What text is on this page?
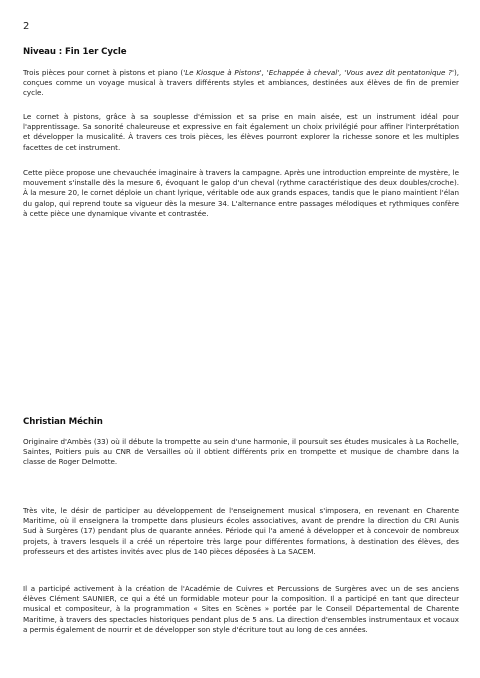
2
Niveau : Fin 1er Cycle

Trois pièces pour cornet à pistons et piano ('Le Kiosque à Pistons', 'Echappée à cheval', 'Vous avez dit pentatonique ?'), conçues comme un voyage musical à travers différents styles et ambiances, destinées aux élèves de fin de premier cycle.

Le cornet à pistons, grâce à sa souplesse d'émission et sa prise en main aisée, est un instrument idéal pour l'apprentissage. Sa sonorité chaleureuse et expressive en fait également un choix privilégié pour affiner l'interprétation et développer la musicalité. À travers ces trois pièces, les élèves pourront explorer la richesse sonore et les multiples facettes de cet instrument.

Cette pièce propose une chevauchée imaginaire à travers la campagne. Après une introduction empreinte de mystère, le mouvement s'installe dès la mesure 6, évoquant le galop d'un cheval (rythme caractéristique des deux doubles/croche). À la mesure 20, le cornet déploie un chant lyrique, véritable ode aux grands espaces, tandis que le piano maintient l'élan du galop, qui reprend toute sa vigueur dès la mesure 34. L'alternance entre passages mélodiques et rythmiques confère à cette pièce une dynamique vivante et contrastée.

Christian Méchin

Originaire d'Ambès (33) où il débute la trompette au sein d'une harmonie, il poursuit ses études musicales à La Rochelle, Saintes, Poitiers puis au CNR de Versailles où il obtient différents prix en trompette et musique de chambre dans la classe de Roger Delmotte.

Très vite, le désir de participer au développement de l'enseignement musical s'imposera, en revenant en Charente Maritime, où il enseignera la trompette dans plusieurs écoles associatives, avant de prendre la direction du CRI Aunis Sud à Surgères (17) pendant plus de quarante années. Période qui l'a amené à développer et à concevoir de nombreux projets, à travers lesquels il a créé un répertoire très large pour différentes formations, à destination des élèves, des professeurs et des artistes invités avec plus de 140 pièces déposées à La SACEM.

Il a participé activement à la création de l'Académie de Cuivres et Percussions de Surgères avec un de ses anciens élèves Clément SAUNIER, ce qui a été un formidable moteur pour la composition. Il a participé en tant que directeur musical et compositeur, à la programmation « Sites en Scènes » portée par le Conseil Départemental de Charente Maritime, à travers des spectacles historiques pendant plus de 5 ans. La direction d'ensembles instrumentaux et vocaux a permis également de nourrir et de développer son style d'écriture tout au long de ces années.
